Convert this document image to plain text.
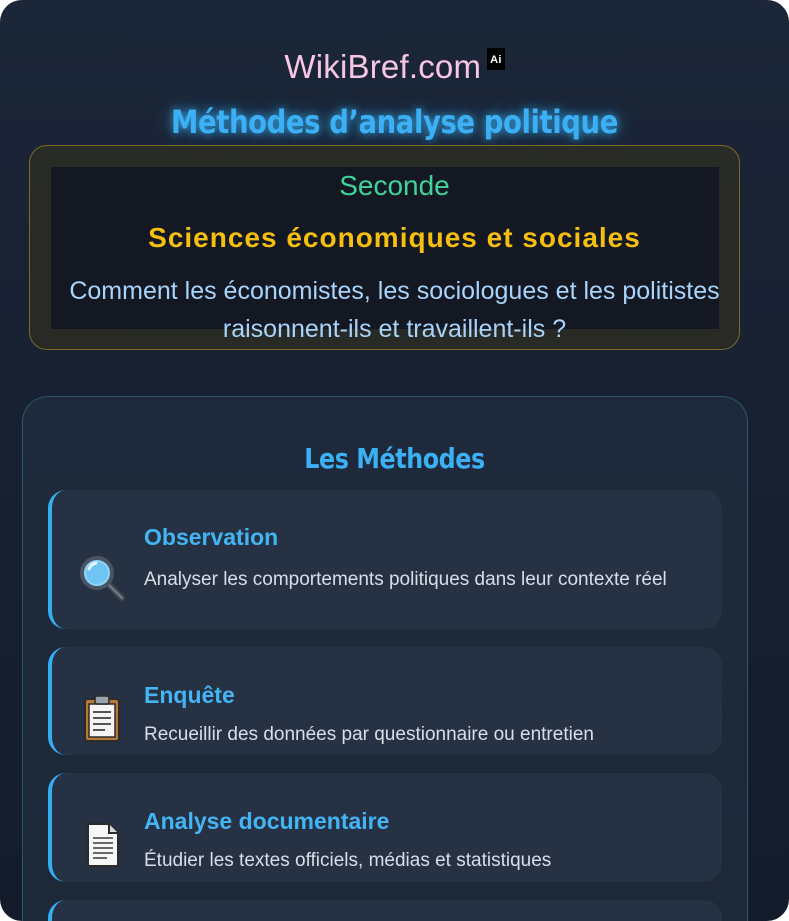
WikiBref.com Ai
Méthodes d’analyse politique
Seconde
Sciences économiques et sociales
Comment les économistes, les sociologues et les politistes raisonnent-ils et travaillent-ils ?
Les Méthodes
Observation
Analyser les comportements politiques dans leur contexte réel
Enquête
Recueillir des données par questionnaire ou entretien
Analyse documentaire
Étudier les textes officiels, médias et statistiques
